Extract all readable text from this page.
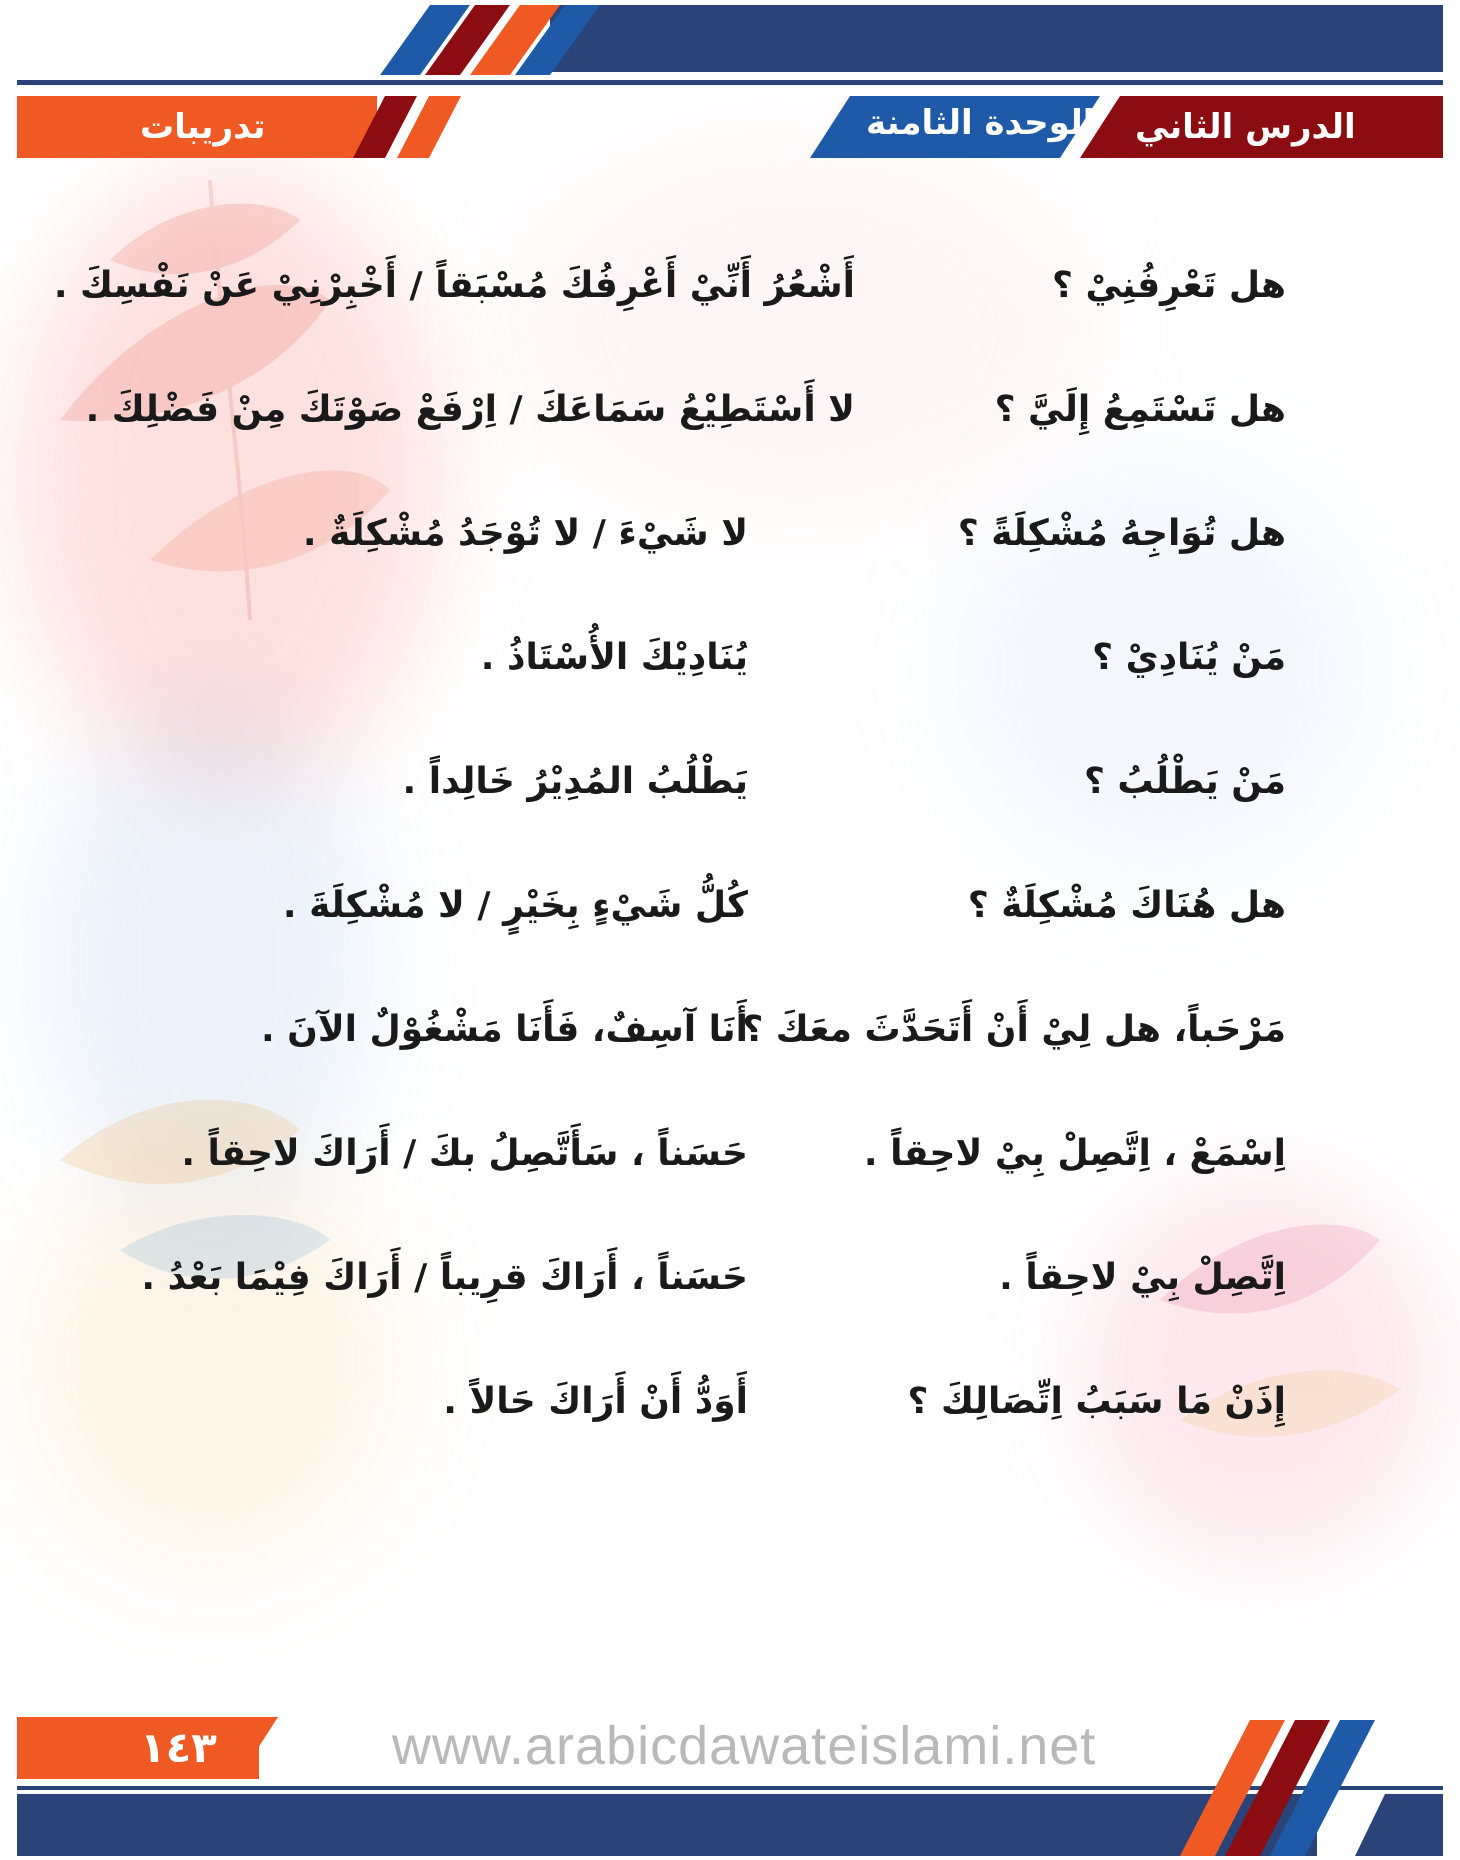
تدريبات	الوحدة الثامنة الدرس الثاني
هل تَعْرِفُنِيْ ؟
أَشْعُرُ أَنِّيْ أَعْرِفُكَ مُسْبَقاً / أَخْبِرْنِيْ عَنْ نَفْسِكَ .
هل تَسْتَمِعُ إِلَيَّ ؟
لا أَسْتَطِيْعُ سَمَاعَكَ / اِرْفَعْ صَوْتَكَ مِنْ فَضْلِكَ .
هل تُوَاجِهُ مُشْكِلَةً ؟
لا شَيْءَ / لا تُوْجَدُ مُشْكِلَةٌ .
مَنْ يُنَادِيْ ؟
يُنَادِيْكَ الأُسْتَاذُ .
مَنْ يَطْلُبُ ؟
يَطْلُبُ المُدِيْرُ خَالِداً .
هل هُنَاكَ مُشْكِلَةٌ ؟
كُلُّ شَيْءٍ بِخَيْرٍ / لا مُشْكِلَةَ .
مَرْحَباً، هل لِيْ أَنْ أَتَحَدَّثَ معَكَ ؟
أَنَا آسِفٌ، فَأَنَا مَشْغُوْلٌ الآنَ .
اِسْمَعْ ، اِتَّصِلْ بِيْ لاحِقاً .
حَسَناً ، سَأَتَّصِلُ بكَ / أَرَاكَ لاحِقاً .
اِتَّصِلْ بِيْ لاحِقاً .
حَسَناً ، أَرَاكَ قرِيباً / أَرَاكَ فِيْمَا بَعْدُ .
إِذَنْ مَا سَبَبُ اِتِّصَالِكَ ؟
أَوَدُّ أَنْ أَرَاكَ حَالاً .
١٤٣	www.arabicdawateislami.net
